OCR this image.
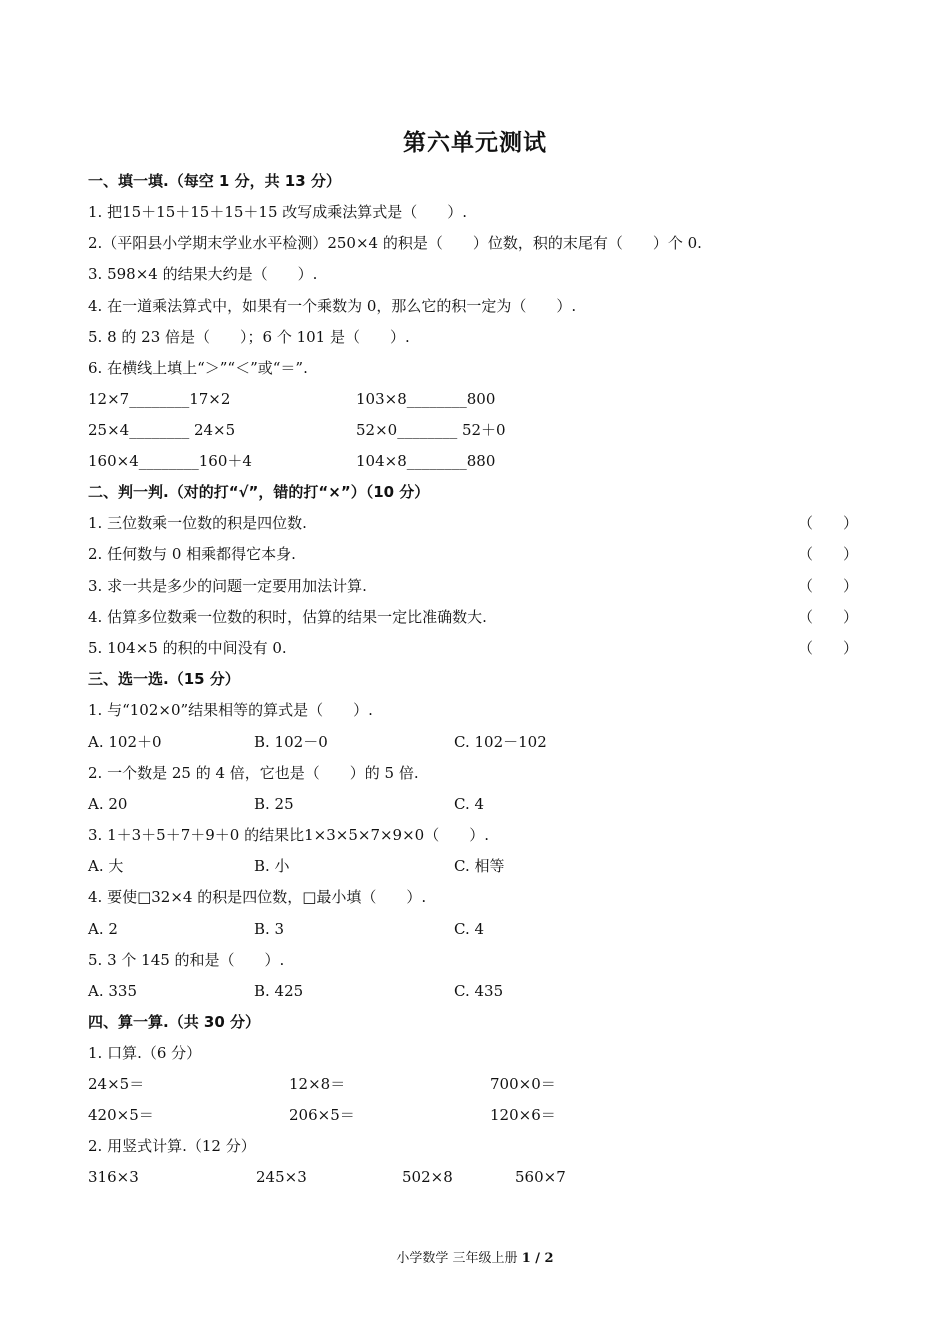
第六单元测试
一、填一填.（每空 1 分，共 13 分）
1. 把15＋15＋15＋15＋15 改写成乘法算式是（　　）.
2.（平阳县小学期末学业水平检测）250×4 的积是（　　）位数，积的末尾有（　　）个 0.
3. 598×4 的结果大约是（　　）.
4. 在一道乘法算式中，如果有一个乘数为 0，那么它的积一定为（　　）.
5. 8 的 23 倍是（　　）；6 个 101 是（　　）.
6. 在横线上填上“＞”“＜”或“＝”.
12×7________17×2	103×8________800
25×4________ 24×5	52×0________ 52＋0
160×4________160＋4	104×8________880
二、判一判.（对的打“√”，错的打“×”）（10 分）
1. 三位数乘一位数的积是四位数.	（　　）
2. 任何数与 0 相乘都得它本身.	（　　）
3. 求一共是多少的问题一定要用加法计算.	（　　）
4. 估算多位数乘一位数的积时，估算的结果一定比准确数大.	（　　）
5. 104×5 的积的中间没有 0.	（　　）
三、选一选.（15 分）
1. 与“102×0”结果相等的算式是（　　）.
A. 102＋0	B. 102－0	C. 102－102
2. 一个数是 25 的 4 倍，它也是（　　）的 5 倍.
A. 20	B. 25	C. 4
3. 1＋3＋5＋7＋9＋0 的结果比1×3×5×7×9×0（　　）.
A. 大	B. 小	C. 相等
4. 要使□32×4 的积是四位数，□最小填（　　）.
A. 2	B. 3	C. 4
5. 3 个 145 的和是（　　）.
A. 335	B. 425	C. 435
四、算一算.（共 30 分）
1. 口算.（6 分）
24×5＝	12×8＝	700×0＝
420×5＝	206×5＝	120×6＝
2. 用竖式计算.（12 分）
316×3	245×3	502×8	560×7
小学数学 三年级上册 1 / 2
